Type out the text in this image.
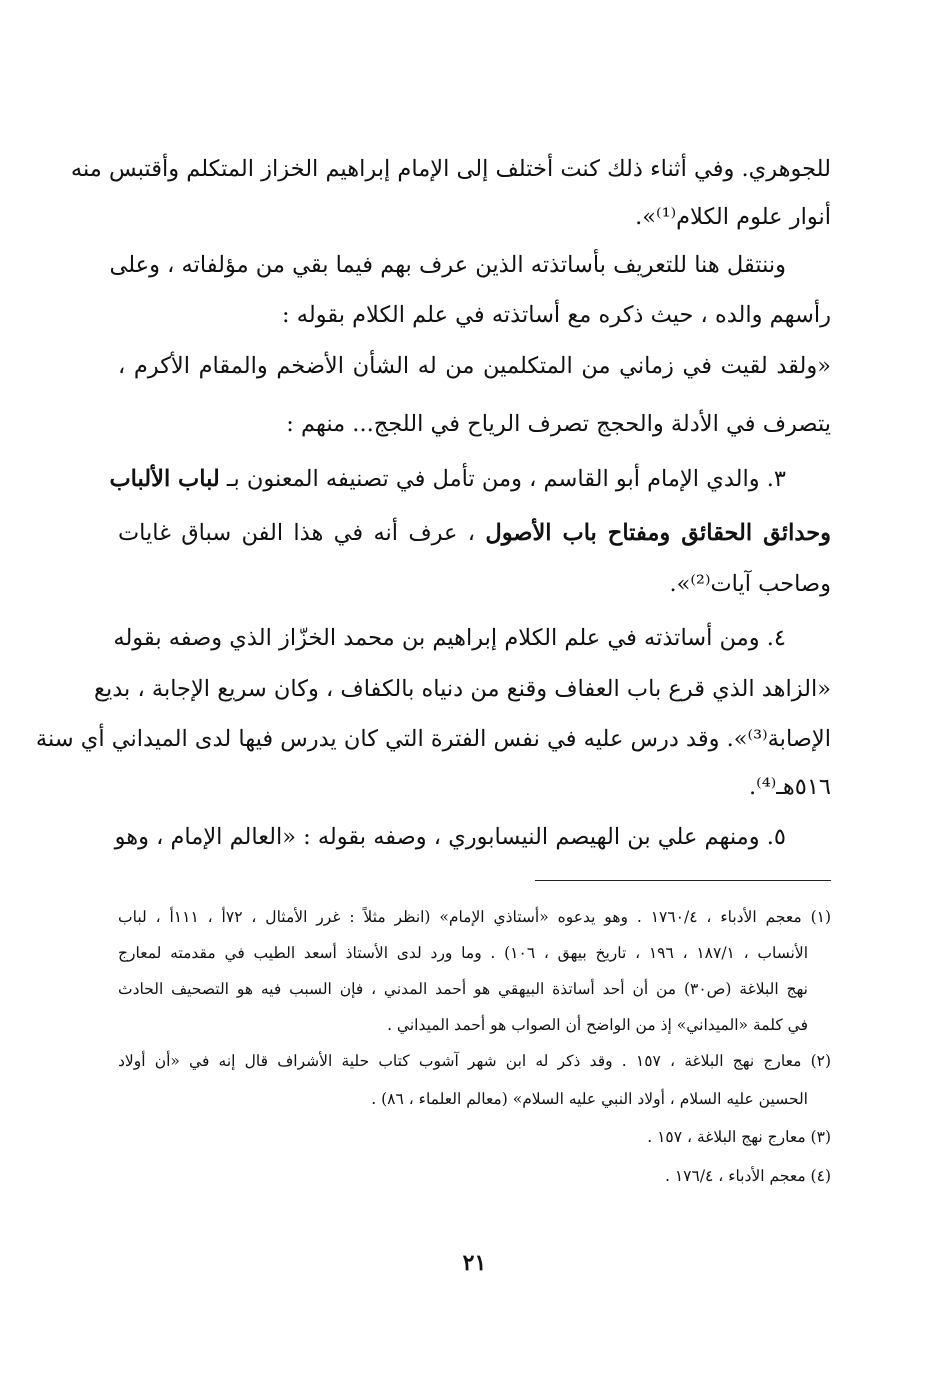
للجوهري. وفي أثناء ذلك كنت أختلف إلى الإمام إبراهيم الخزاز المتكلم وأقتبس منه
أنوار علوم الكلام⁽¹⁾».
وننتقل هنا للتعريف بأساتذته الذين عرف بهم فيما بقي من مؤلفاته ، وعلى
رأسهم والده ، حيث ذكره مع أساتذته في علم الكلام بقوله :
«ولقد لقيت في زماني من المتكلمين من له الشأن الأضخم والمقام الأكرم ،
يتصرف في الأدلة والحجج تصرف الرياح في اللجج... منهم :
٣. والدي الإمام أبو القاسم ، ومن تأمل في تصنيفه المعنون بـ لباب الألباب
وحدائق الحقائق ومفتاح باب الأصول ، عرف أنه في هذا الفن سباق غايات
وصاحب آيات⁽²⁾».
٤. ومن أساتذته في علم الكلام إبراهيم بن محمد الخزّاز الذي وصفه بقوله
«الزاهد الذي قرع باب العفاف وقنع من دنياه بالكفاف ، وكان سريع الإجابة ، بديع
الإصابة⁽³⁾». وقد درس عليه في نفس الفترة التي كان يدرس فيها لدى الميداني أي سنة
٥١٦هـ⁽⁴⁾.
٥. ومنهم علي بن الهيصم النيسابوري ، وصفه بقوله : «العالم الإمام ، وهو
(١) معجم الأدباء ، ١٧٦٠/٤ . وهو يدعوه «أستاذي الإمام» (انظر مثلاً : غرر الأمثال ، ٧٢أ ، ١١١أ ، لباب
الأنساب ، ١٨٧/١ ، ١٩٦ ، تاريخ بيهق ، ١٠٦) . وما ورد لدى الأستاذ أسعد الطيب في مقدمته لمعارج
نهج البلاغة (ص٣٠) من أن أحد أساتذة البيهقي هو أحمد المدني ، فإن السبب فيه هو التصحيف الحادث
في كلمة «الميداني» إذ من الواضح أن الصواب هو أحمد الميداني .
(٢) معارج نهج البلاغة ، ١٥٧ . وقد ذكر له ابن شهر آشوب كتاب حلية الأشراف قال إنه في «أن أولاد
الحسين عليه السلام ، أولاد النبي عليه السلام» (معالم العلماء ، ٨٦) .
(٣) معارج نهج البلاغة ، ١٥٧ .
(٤) معجم الأدباء ، ١٧٦/٤ .
٢١
